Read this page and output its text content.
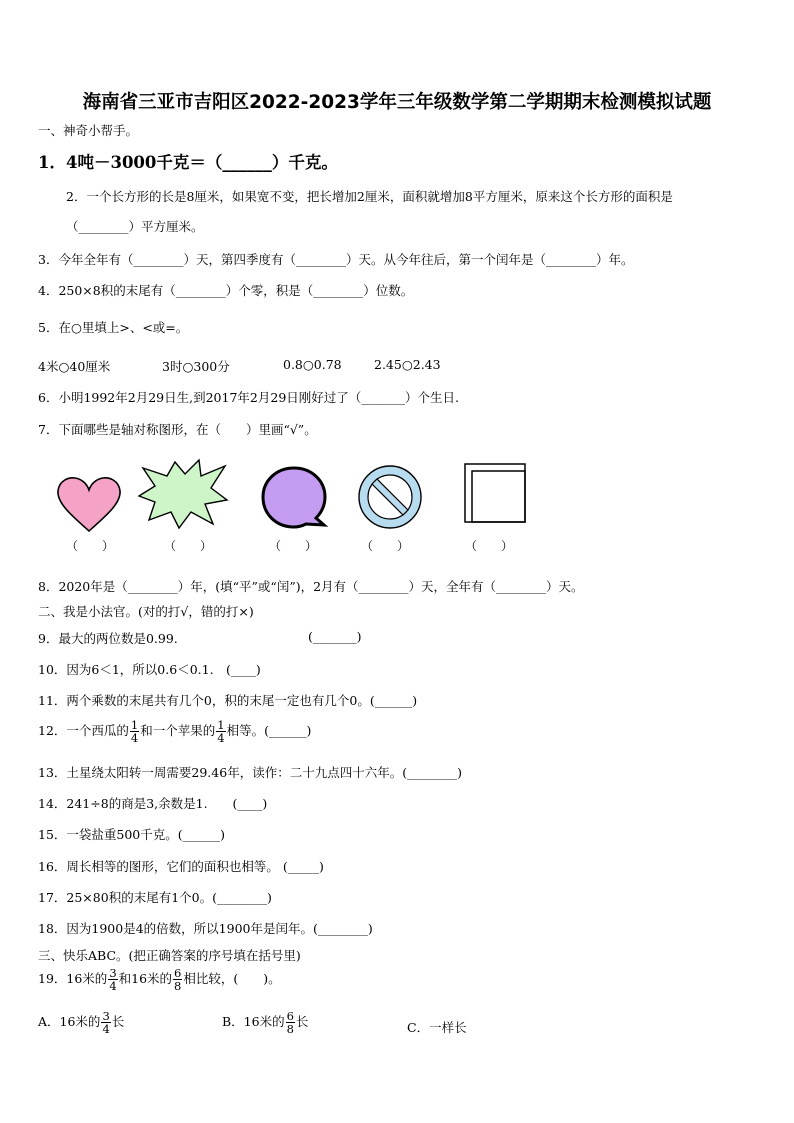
海南省三亚市吉阳区2022-2023学年三年级数学第二学期期末检测模拟试题
一、神奇小帮手。
1．4吨－3000千克＝（______）千克。
2．一个长方形的长是8厘米，如果宽不变，把长增加2厘米，面积就增加8平方厘米，原来这个长方形的面积是
（________）平方厘米。
3．今年全年有（________）天，第四季度有（________）天。从今年往后，第一个闰年是（________）年。
4．250×8积的末尾有（________）个零，积是（________）位数。
5．在○里填上>、<或=。
4米○40厘米	3时○300分	0.8○0.78	2.45○2.43
6．小明1992年2月29日生,到2017年2月29日刚好过了（_______）个生日.
7．下面哪些是轴对称图形，在（　　）里画“√”。
（　　）	（　　）	（　　）	（　　）	（　　）
8．2020年是（________）年，(填“平”或“闰”)，2月有（________）天，全年有（________）天。
二、我是小法官。(对的打√，错的打×)
9．最大的两位数是0.99.	(_______)
10．因为6＜1，所以0.6＜0.1.　(____)
11．两个乘数的末尾共有几个0，积的末尾一定也有几个0。(______)
12．一个西瓜的 $\frac{1}{4}$ 和一个苹果的 $\frac{1}{4}$ 相等。(______)
13．土星绕太阳转一周需要29.46年，读作：二十九点四十六年。(________)
14．241÷8的商是3,余数是1.　　(____)
15．一袋盐重500千克。(______)
16．周长相等的图形，它们的面积也相等。 (_____)
17．25×80积的末尾有1个0。(________)
18．因为1900是4的倍数，所以1900年是闰年。(________)
三、快乐ABC。(把正确答案的序号填在括号里)
19．16米的 $\frac{3}{4}$ 和16米的 $\frac{6}{8}$ 相比较，(　　)。
A．16米的 $\frac{3}{4}$ 长	B．16米的 $\frac{6}{8}$ 长	C．一样长
